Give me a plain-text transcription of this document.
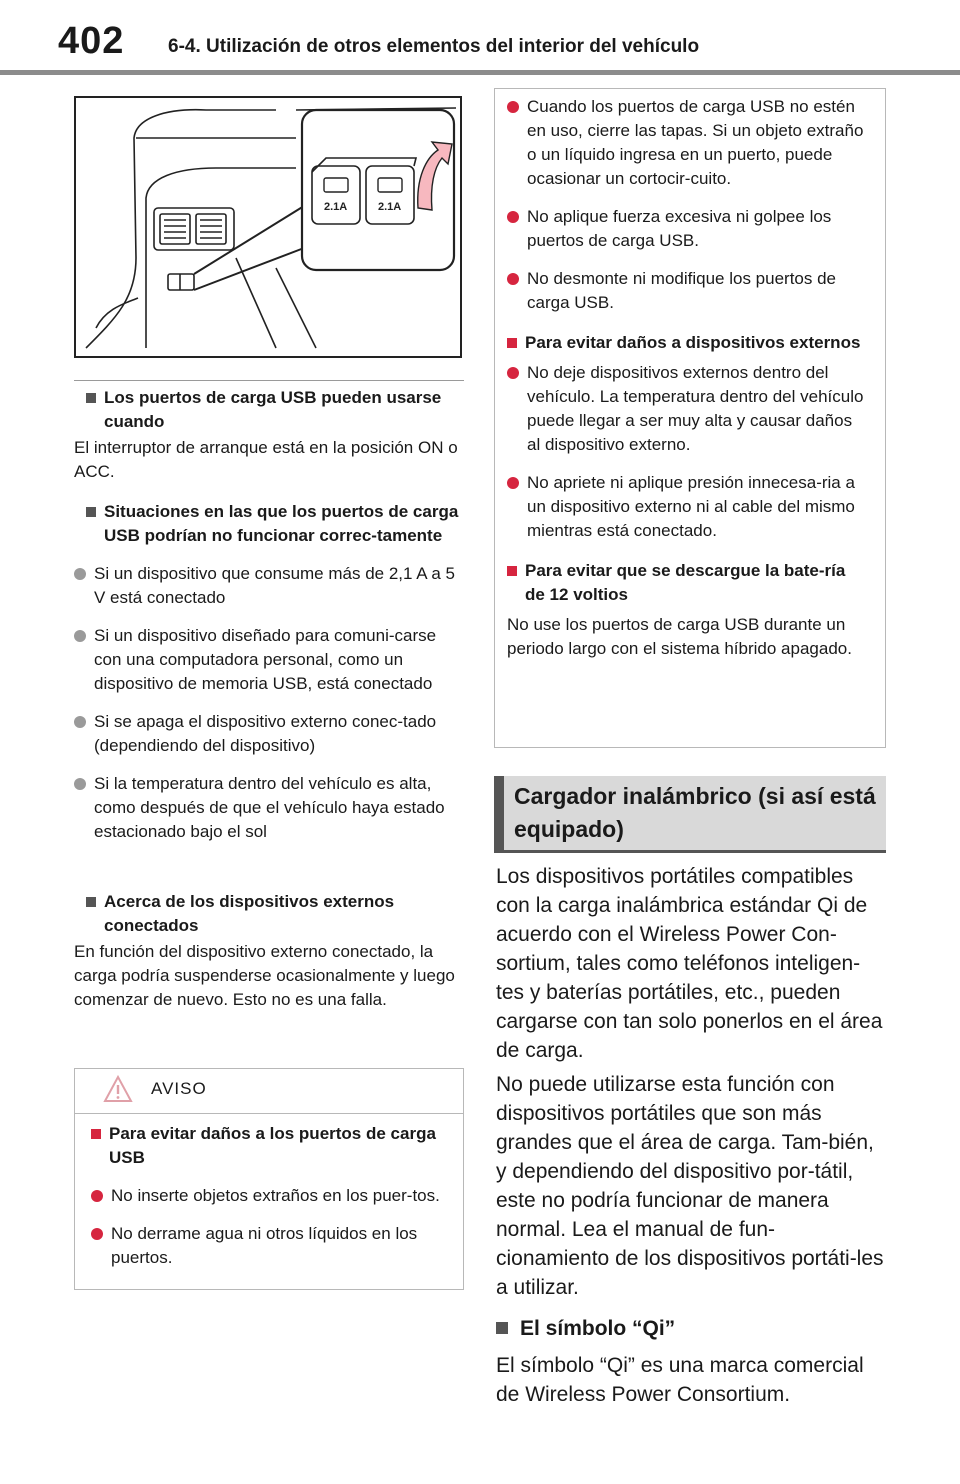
402 6-4. Utilización de otros elementos del interior del vehículo
2.1A	2.1A
Los puertos de carga USB pueden usarse cuando
El interruptor de arranque está en la posición ON o ACC.
Situaciones en las que los puertos de carga USB podrían no funcionar correc-tamente
Si un dispositivo que consume más de 2,1 A a 5 V está conectado
Si un dispositivo diseñado para comuni-carse con una computadora personal, como un dispositivo de memoria USB, está conectado
Si se apaga el dispositivo externo conec-tado (dependiendo del dispositivo)
Si la temperatura dentro del vehículo es alta, como después de que el vehículo haya estado estacionado bajo el sol
Acerca de los dispositivos externos conectados
En función del dispositivo externo conectado, la carga podría suspenderse ocasionalmente y luego comenzar de nuevo. Esto no es una falla.
AVISO
Para evitar daños a los puertos de carga USB
No inserte objetos extraños en los puer-tos.
No derrame agua ni otros líquidos en los puertos.
Cuando los puertos de carga USB no estén en uso, cierre las tapas. Si un objeto extraño o un líquido ingresa en un puerto, puede ocasionar un cortocir-cuito.
No aplique fuerza excesiva ni golpee los puertos de carga USB.
No desmonte ni modifique los puertos de carga USB.
Para evitar daños a dispositivos externos
No deje dispositivos externos dentro del vehículo. La temperatura dentro del vehículo puede llegar a ser muy alta y causar daños al dispositivo externo.
No apriete ni aplique presión innecesa-ria a un dispositivo externo ni al cable del mismo mientras está conectado.
Para evitar que se descargue la bate-ría de 12 voltios
No use los puertos de carga USB durante un periodo largo con el sistema híbrido apagado.
Cargador inalámbrico (si así está equipado)
Los dispositivos portátiles compatibles con la carga inalámbrica estándar Qi de acuerdo con el Wireless Power Con-sortium, tales como teléfonos inteligen-tes y baterías portátiles, etc., pueden cargarse con tan solo ponerlos en el área de carga.
No puede utilizarse esta función con dispositivos portátiles que son más grandes que el área de carga. Tam-bién, y dependiendo del dispositivo por-tátil, este no podría funcionar de manera normal. Lea el manual de fun-cionamiento de los dispositivos portáti-les a utilizar.
El símbolo “Qi”
El símbolo “Qi” es una marca comercial de Wireless Power Consortium.
